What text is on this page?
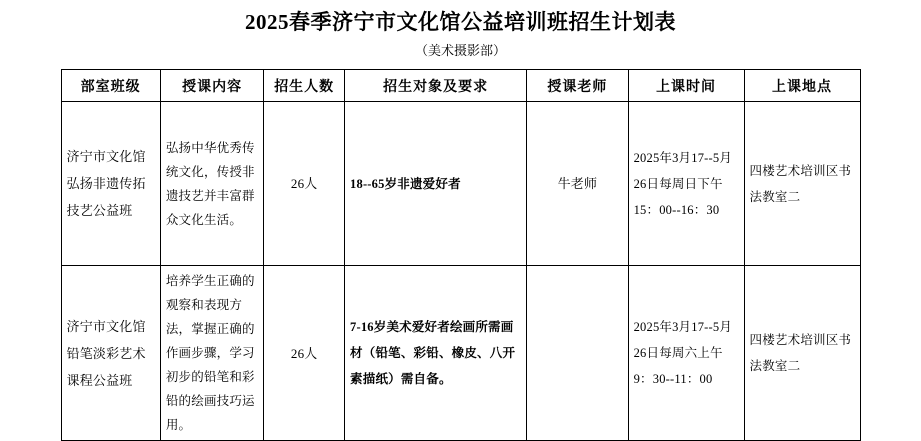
2025春季济宁市文化馆公益培训班招生计划表
（美术摄影部）
部室班级	授课内容	招生人数	招生对象及要求	授课老师	上课时间	上课地点
济宁市文化馆弘扬非遗传拓技艺公益班	弘扬中华优秀传统文化，传授非遗技艺并丰富群众文化生活。	26人	18--65岁非遗爱好者	牛老师	2025年3月17--5月26日每周日下午15：00--16：30	四楼艺术培训区书法教室二
济宁市文化馆铅笔淡彩艺术课程公益班	培养学生正确的观察和表现方法，掌握正确的作画步骤，学习初步的铅笔和彩铅的绘画技巧运用。	26人	7-16岁美术爱好者绘画所需画材（铅笔、彩铅、橡皮、八开素描纸）需自备。		2025年3月17--5月26日每周六上午9：30--11：00	四楼艺术培训区书法教室二
